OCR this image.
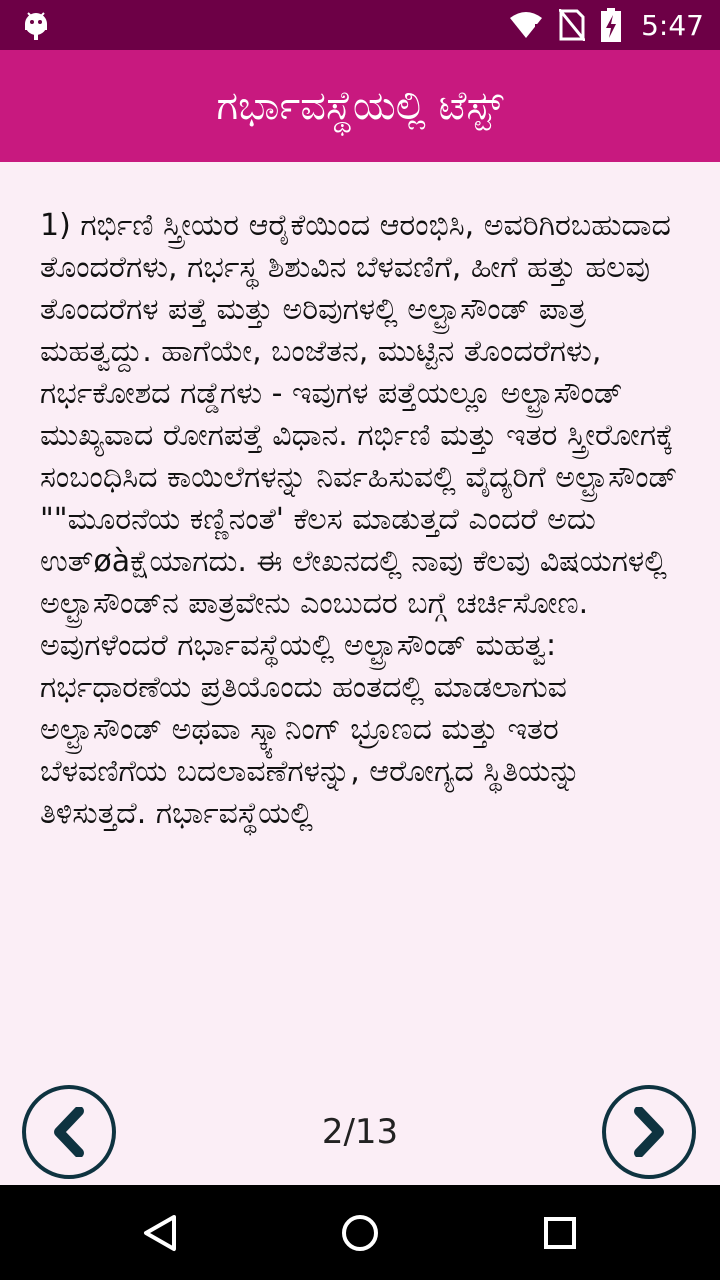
5:47
ಗರ್ಭಾವಸ್ಥೆಯಲ್ಲಿ ಟೆಸ್ಟ್
1) ಗರ್ಭಿಣಿ ಸ್ತ್ರೀಯರ ಆರೈಕೆಯಿಂದ ಆರಂಭಿಸಿ, ಅವರಿಗಿರಬಹುದಾದ ತೊಂದರೆಗಳು, ಗರ್ಭಸ್ಥ ಶಿಶುವಿನ ಬೆಳವಣಿಗೆ, ಹೀಗೆ ಹತ್ತು ಹಲವು ತೊಂದರೆಗಳ ಪತ್ತೆ ಮತ್ತು ಅರಿವುಗಳಲ್ಲಿ ಅಲ್ಟ್ರಾಸೌಂಡ್ ಪಾತ್ರ ಮಹತ್ವದ್ದು. ಹಾಗೆಯೇ, ಬಂಜೆತನ, ಮುಟ್ಟಿನ ತೊಂದರೆಗಳು, ಗರ್ಭಕೋಶದ ಗಡ್ಡೆಗಳು - ಇವುಗಳ ಪತ್ತೆಯಲ್ಲೂ ಅಲ್ಟ್ರಾಸೌಂಡ್ ಮುಖ್ಯವಾದ ರೋಗಪತ್ತೆ ವಿಧಾನ. ಗರ್ಭಿಣಿ ಮತ್ತು ಇತರ ಸ್ತ್ರೀರೋಗಕ್ಕೆ ಸಂಬಂಧಿಸಿದ ಕಾಯಿಲೆಗಳನ್ನು ನಿರ್ವಹಿಸುವಲ್ಲಿ ವೈದ್ಯರಿಗೆ ಅಲ್ಟ್ರಾಸೌಂಡ್ ""ಮೂರನೆಯ ಕಣ್ಣಿನಂತೆ' ಕೆಲಸ ಮಾಡುತ್ತದೆ ಎಂದರೆ ಅದು ಉತ್øàಕ್ಷೆಯಾಗದು. ಈ ಲೇಖನದಲ್ಲಿ ನಾವು ಕೆಲವು ವಿಷಯಗಳಲ್ಲಿ ಅಲ್ಟ್ರಾಸೌಂಡ್‌ನ ಪಾತ್ರವೇನು ಎಂಬುದರ ಬಗ್ಗೆ ಚರ್ಚಿಸೋಣ. ಅವುಗಳೆಂದರೆ ಗರ್ಭಾವಸ್ಥೆಯಲ್ಲಿ ಅಲ್ಟ್ರಾಸೌಂಡ್ ಮಹತ್ವ: ಗರ್ಭಧಾರಣೆಯ ಪ್ರತಿಯೊಂದು ಹಂತದಲ್ಲಿ ಮಾಡಲಾಗುವ ಅಲ್ಟ್ರಾಸೌಂಡ್ ಅಥವಾ ಸ್ಕ್ಯಾನಿಂಗ್ ಭ್ರೂಣದ ಮತ್ತು ಇತರ ಬೆಳವಣಿಗೆಯ ಬದಲಾವಣೆಗಳನ್ನು, ಆರೋಗ್ಯದ ಸ್ಥಿತಿಯನ್ನು ತಿಳಿಸುತ್ತದೆ. ಗರ್ಭಾವಸ್ಥೆಯಲ್ಲಿ
2/13
